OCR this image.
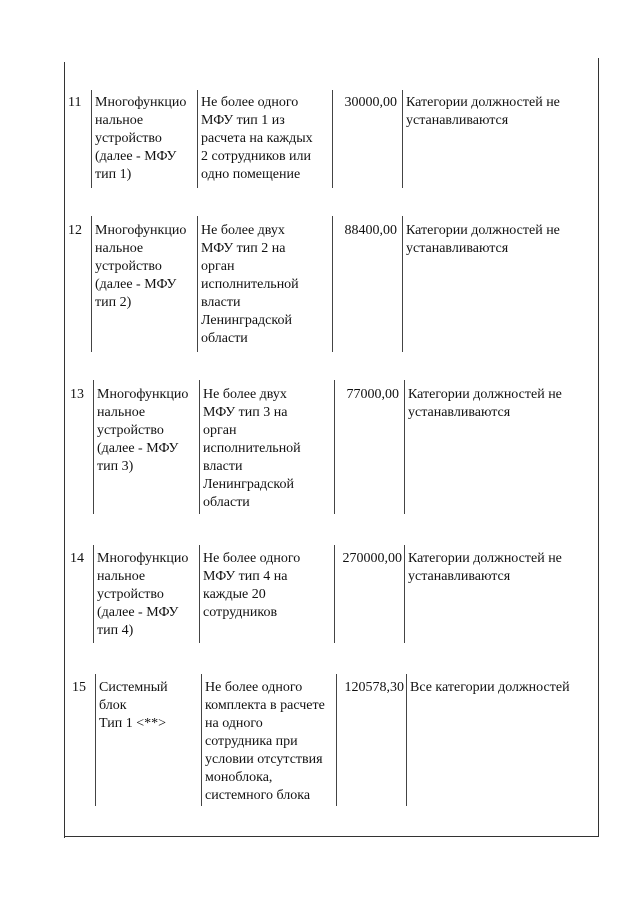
11 Многофункцио
нальное
устройство
(далее - МФУ
тип 1)
Не более одного
МФУ тип 1 из
расчета на каждых
2 сотрудников или
одно помещение
30000,00 Категории должностей не
устанавливаются
12 Многофункцио
нальное
устройство
(далее - МФУ
тип 2)
Не более двух
МФУ тип 2 на
орган
исполнительной
власти
Ленинградской
области
88400,00 Категории должностей не
устанавливаются
13 Многофункцио
нальное
устройство
(далее - МФУ
тип 3)
Не более двух
МФУ тип 3 на
орган
исполнительной
власти
Ленинградской
области
77000,00 Категории должностей не
устанавливаются
14 Многофункцио
нальное
устройство
(далее - МФУ
тип 4)
Не более одного
МФУ тип 4 на
каждые 20
сотрудников
270000,00 Категории должностей не
устанавливаются
15 Системный
блок
Тип 1 <**>
Не более одного
комплекта в расчете
на одного
сотрудника при
условии отсутствия
моноблока,
системного блока
120578,30 Все категории должностей
